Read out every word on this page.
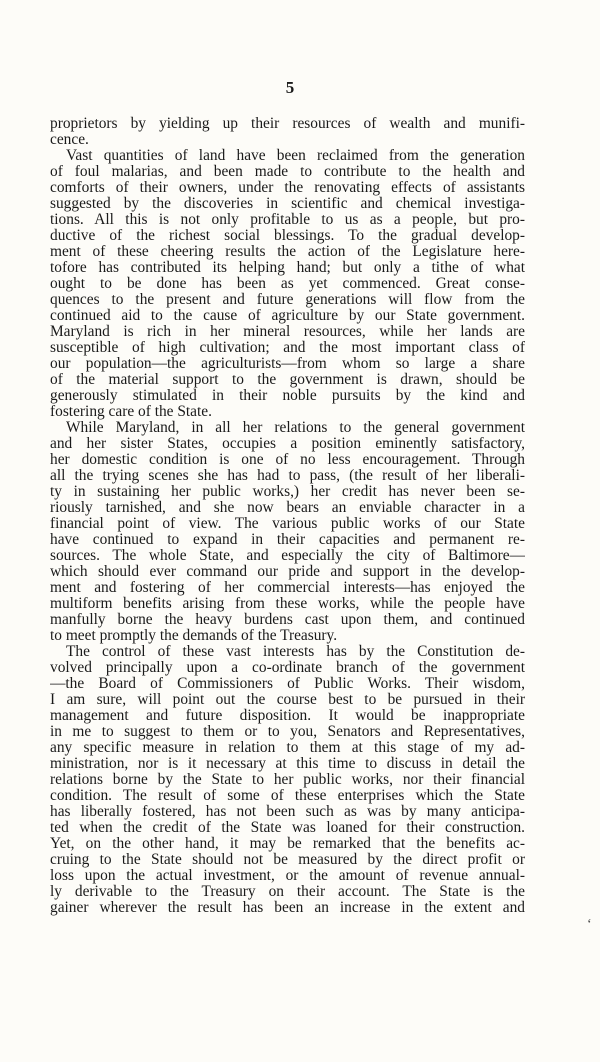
5
proprietors by yielding up their resources of wealth and munifi-
cence.
Vast quantities of land have been reclaimed from the generation
of foul malarias, and been made to contribute to the health and
comforts of their owners, under the renovating effects of assistants
suggested by the discoveries in scientific and chemical investiga-
tions. All this is not only profitable to us as a people, but pro-
ductive of the richest social blessings. To the gradual develop-
ment of these cheering results the action of the Legislature here-
tofore has contributed its helping hand; but only a tithe of what
ought to be done has been as yet commenced. Great conse-
quences to the present and future generations will flow from the
continued aid to the cause of agriculture by our State government.
Maryland is rich in her mineral resources, while her lands are
susceptible of high cultivation; and the most important class of
our population—the agriculturists—from whom so large a share
of the material support to the government is drawn, should be
generously stimulated in their noble pursuits by the kind and
fostering care of the State.
While Maryland, in all her relations to the general government
and her sister States, occupies a position eminently satisfactory,
her domestic condition is one of no less encouragement. Through
all the trying scenes she has had to pass, (the result of her liberali-
ty in sustaining her public works,) her credit has never been se-
riously tarnished, and she now bears an enviable character in a
financial point of view. The various public works of our State
have continued to expand in their capacities and permanent re-
sources. The whole State, and especially the city of Baltimore—
which should ever command our pride and support in the develop-
ment and fostering of her commercial interests—has enjoyed the
multiform benefits arising from these works, while the people have
manfully borne the heavy burdens cast upon them, and continued
to meet promptly the demands of the Treasury.
The control of these vast interests has by the Constitution de-
volved principally upon a co-ordinate branch of the government
—the Board of Commissioners of Public Works. Their wisdom,
I am sure, will point out the course best to be pursued in their
management and future disposition. It would be inappropriate
in me to suggest to them or to you, Senators and Representatives,
any specific measure in relation to them at this stage of my ad-
ministration, nor is it necessary at this time to discuss in detail the
relations borne by the State to her public works, nor their financial
condition. The result of some of these enterprises which the State
has liberally fostered, has not been such as was by many anticipa-
ted when the credit of the State was loaned for their construction.
Yet, on the other hand, it may be remarked that the benefits ac-
cruing to the State should not be measured by the direct profit or
loss upon the actual investment, or the amount of revenue annual-
ly derivable to the Treasury on their account. The State is the
gainer wherever the result has been an increase in the extent and
‘
